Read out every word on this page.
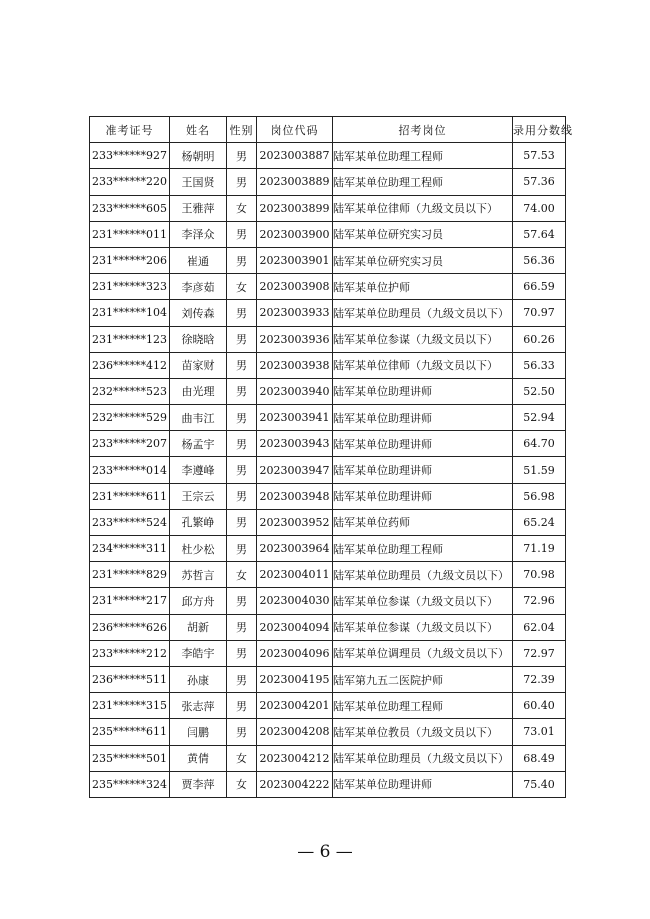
准考证号	姓名	性别	岗位代码	招考岗位	录用分数线
233******927	杨朝明	男	2023003887	陆军某单位助理工程师	57.53
233******220	王国贤	男	2023003889	陆军某单位助理工程师	57.36
233******605	王雅萍	女	2023003899	陆军某单位律师（九级文员以下）	74.00
231******011	李泽众	男	2023003900	陆军某单位研究实习员	57.64
231******206	崔通	男	2023003901	陆军某单位研究实习员	56.36
231******323	李彦茹	女	2023003908	陆军某单位护师	66.59
231******104	刘传森	男	2023003933	陆军某单位助理员（九级文员以下）	70.97
231******123	徐晓晗	男	2023003936	陆军某单位参谋（九级文员以下）	60.26
236******412	苗家财	男	2023003938	陆军某单位律师（九级文员以下）	56.33
232******523	由光理	男	2023003940	陆军某单位助理讲师	52.50
232******529	曲韦江	男	2023003941	陆军某单位助理讲师	52.94
233******207	杨孟宇	男	2023003943	陆军某单位助理讲师	64.70
233******014	李遵峰	男	2023003947	陆军某单位助理讲师	51.59
231******611	王宗云	男	2023003948	陆军某单位助理讲师	56.98
233******524	孔繁峥	男	2023003952	陆军某单位药师	65.24
234******311	杜少松	男	2023003964	陆军某单位助理工程师	71.19
231******829	苏哲言	女	2023004011	陆军某单位助理员（九级文员以下）	70.98
231******217	邱方舟	男	2023004030	陆军某单位参谋（九级文员以下）	72.96
236******626	胡新	男	2023004094	陆军某单位参谋（九级文员以下）	62.04
233******212	李皓宇	男	2023004096	陆军某单位调理员（九级文员以下）	72.97
236******511	孙康	男	2023004195	陆军第九五二医院护师	72.39
231******315	张志萍	男	2023004201	陆军某单位助理工程师	60.40
235******611	闫鹏	男	2023004208	陆军某单位教员（九级文员以下）	73.01
235******501	黄倩	女	2023004212	陆军某单位助理员（九级文员以下）	68.49
235******324	贾李萍	女	2023004222	陆军某单位助理讲师	75.40
— 6 —
